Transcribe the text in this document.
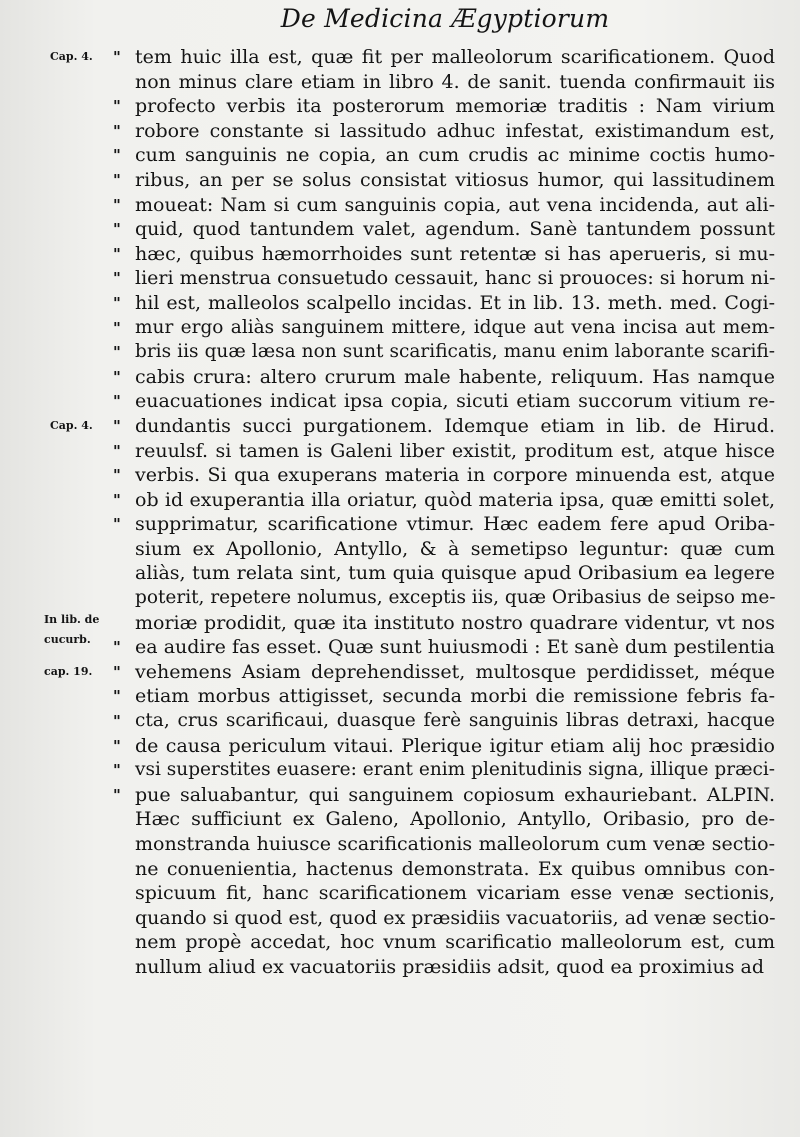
De Medicina Ægyptiorum
Cap. 4.	" tem huic illa est, quæ fit per malleolorum scarificationem. Quod
non minus clare etiam in libro 4. de sanit. tuenda confirmauit iis
" profecto verbis ita posterorum memoriæ traditis : Nam virium
" robore constante si lassitudo adhuc infestat, existimandum est,
" cum sanguinis ne copia, an cum crudis ac minime coctis humo-
" ribus, an per se solus consistat vitiosus humor, qui lassitudinem
" moueat: Nam si cum sanguinis copia, aut vena incidenda, aut ali-
" quid, quod tantundem valet, agendum. Sanè tantundem possunt
" hæc, quibus hæmorrhoides sunt retentæ si has aperueris, si mu-
" lieri menstrua consuetudo cessauit, hanc si prouoces: si horum ni-
" hil est, malleolos scalpello incidas. Et in lib. 13. meth. med. Cogi-
" mur ergo aliàs sanguinem mittere, idque aut vena incisa aut mem-
" bris iis quæ læsa non sunt scarificatis, manu enim laborante scarifi-
" cabis crura: altero crurum male habente, reliquum. Has namque
" euacuationes indicat ipsa copia, sicuti etiam succorum vitium re-
Cap. 4.	" dundantis succi purgationem. Idemque etiam in lib. de Hirud.
" reuulsf. si tamen is Galeni liber existit, proditum est, atque hisce
" verbis. Si qua exuperans materia in corpore minuenda est, atque
" ob id exuperantia illa oriatur, quòd materia ipsa, quæ emitti solet,
" supprimatur, scarificatione vtimur. Hæc eadem fere apud Oriba-
sium ex Apollonio, Antyllo, & à semetipso leguntur: quæ cum
aliàs, tum relata sint, tum quia quisque apud Oribasium ea legere
poterit, repetere nolumus, exceptis iis, quæ Oribasius de seipso me-
In lib. de	moriæ prodidit, quæ ita instituto nostro quadrare videntur, vt nos
cucurb.	" ea audire fas esset. Quæ sunt huiusmodi : Et sanè dum pestilentia
cap. 19.	" vehemens Asiam deprehendisset, multosque perdidisset, méque
" etiam morbus attigisset, secunda morbi die remissione febris fa-
" cta, crus scarificaui, duasque ferè sanguinis libras detraxi, hacque
" de causa periculum vitaui. Plerique igitur etiam alij hoc præsidio
" vsi superstites euasere: erant enim plenitudinis signa, illique præci-
" pue saluabantur, qui sanguinem copiosum exhauriebant. ALPIN.
Hæc sufficiunt ex Galeno, Apollonio, Antyllo, Oribasio, pro de-
monstranda huiusce scarificationis malleolorum cum venæ sectio-
ne conuenientia, hactenus demonstrata. Ex quibus omnibus con-
spicuum fit, hanc scarificationem vicariam esse venæ sectionis,
quando si quod est, quod ex præsidiis vacuatoriis, ad venæ sectio-
nem propè accedat, hoc vnum scarificatio malleolorum est, cum
nullum aliud ex vacuatoriis præsidiis adsit, quod ea proximius ad
